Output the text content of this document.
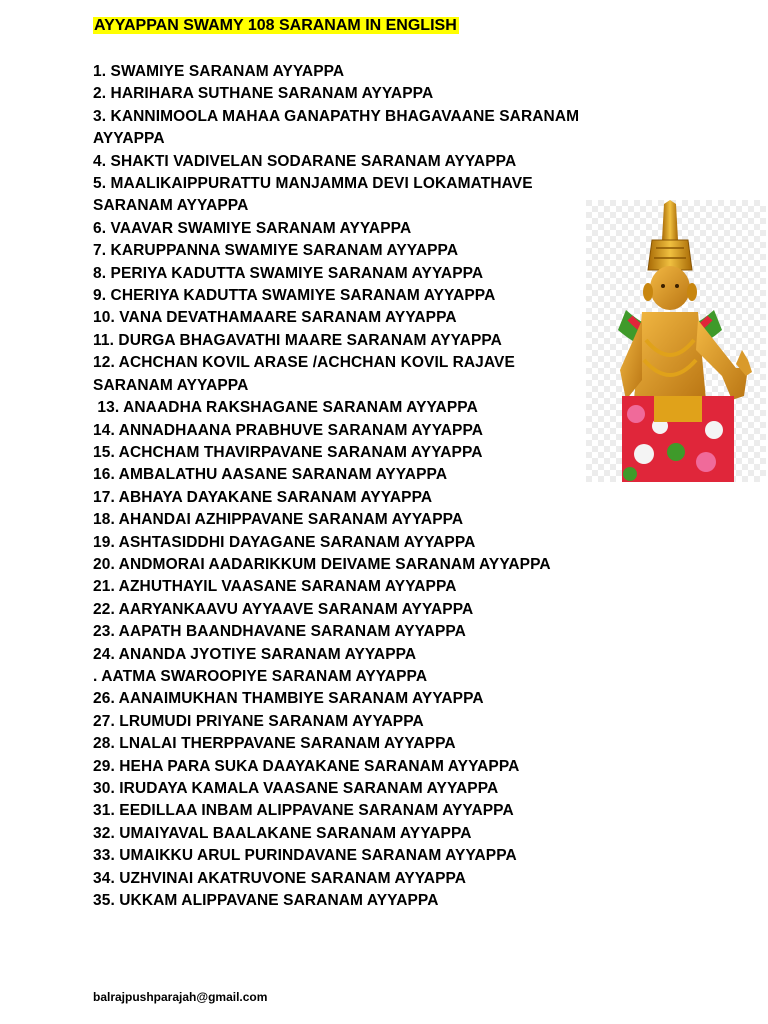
AYYAPPAN SWAMY 108 SARANAM IN ENGLISH
1. SWAMIYE SARANAM AYYAPPA
2. HARIHARA SUTHANE SARANAM AYYAPPA
3. KANNIMOOLA MAHAA GANAPATHY BHAGAVAANE SARANAM
AYYAPPA
4. SHAKTI VADIVELAN SODARANE SARANAM AYYAPPA
5. MAALIKAIPPURATTU MANJAMMA DEVI LOKAMATHAVE
SARANAM AYYAPPA
6. VAAVAR SWAMIYE SARANAM AYYAPPA
7. KARUPPANNA SWAMIYE SARANAM AYYAPPA
8. PERIYA KADUTTA SWAMIYE SARANAM AYYAPPA
9. CHERIYA KADUTTA SWAMIYE SARANAM AYYAPPA
10. VANA DEVATHAMAARE SARANAM AYYAPPA
11. DURGA BHAGAVATHI MAARE SARANAM AYYAPPA
12. ACHCHAN KOVIL ARASE /ACHCHAN KOVIL RAJAVE
SARANAM AYYAPPA
13. ANAADHA RAKSHAGANE SARANAM AYYAPPA
14. ANNADHAANA PRABHUVE SARANAM AYYAPPA
15. ACHCHAM THAVIRPAVANE SARANAM AYYAPPA
16. AMBALATHU AASANE SARANAM AYYAPPA
17. ABHAYA DAYAKANE SARANAM AYYAPPA
18. AHANDAI AZHIPPAVANE SARANAM AYYAPPA
19. ASHTASIDDHI DAYAGANE SARANAM AYYAPPA
20. ANDMORAI AADARIKKUM DEIVAME SARANAM AYYAPPA
21. AZHUTHAYIL VAASANE SARANAM AYYAPPA
22. AARYANKAAVU AYYAAVE SARANAM AYYAPPA
23. AAPATH BAANDHAVANE SARANAM AYYAPPA
24. ANANDA JYOTIYE SARANAM AYYAPPA
. AATMA SWAROOPIYE SARANAM AYYAPPA
26. AANAIMUKHAN THAMBIYE SARANAM AYYAPPA
27. LRUMUDI PRIYANE SARANAM AYYAPPA
28. LNALAI THERPPAVANE SARANAM AYYAPPA
29. HEHA PARA SUKA DAAYAKANE SARANAM AYYAPPA
30. IRUDAYA KAMALA VAASANE SARANAM AYYAPPA
31. EEDILLAA INBAM ALIPPAVANE SARANAM AYYAPPA
32. UMAIYAVAL BAALAKANE SARANAM AYYAPPA
33. UMAIKKU ARUL PURINDAVANE SARANAM AYYAPPA
34. UZHVINAI AKATRUVONE SARANAM AYYAPPA
35. UKKAM ALIPPAVANE SARANAM AYYAPPA
balrajpushparajah@gmail.com
